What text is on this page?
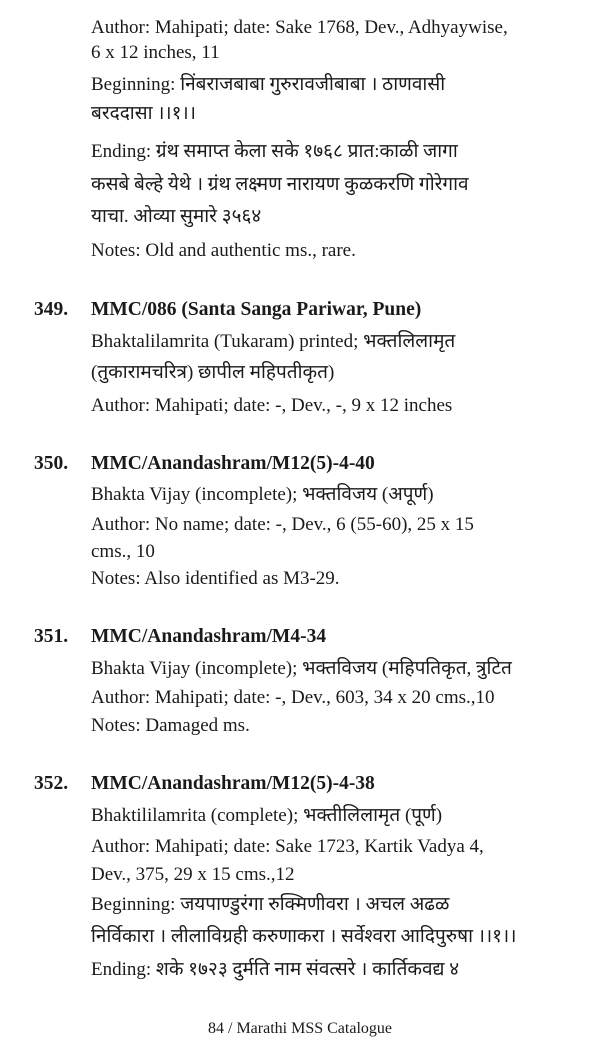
Author: Mahipati; date: Sake 1768, Dev., Adhyaywise,
6 x 12 inches, 11
Beginning: निंबराजबाबा गुरुरावजीबाबा । ठाणवासी
बरददासा ।।१।।
Ending: ग्रंथ समाप्त केला सके १७६८ प्रात:काळी जागा
कसबे बेल्हे येथे । ग्रंथ लक्ष्मण नारायण कुळकरणि गोरेगाव
याचा. ओव्या सुमारे ३५६४
Notes: Old and authentic ms., rare.
349. MMC/086 (Santa Sanga Pariwar, Pune)
Bhaktalilamrita (Tukaram) printed; भक्तलिलामृत
(तुकारामचरित्र) छापील महिपतीकृत)
Author: Mahipati; date: -, Dev., -, 9 x 12 inches
350. MMC/Anandashram/M12(5)-4-40
Bhakta Vijay (incomplete); भक्तविजय (अपूर्ण)
Author: No name; date: -, Dev., 6 (55-60), 25 x 15
cms., 10
Notes: Also identified as M3-29.
351. MMC/Anandashram/M4-34
Bhakta Vijay (incomplete); भक्तविजय (महिपतिकृत, त्रुटित
Author: Mahipati; date: -, Dev., 603, 34 x 20 cms.,10
Notes: Damaged ms.
352. MMC/Anandashram/M12(5)-4-38
Bhaktililamrita (complete); भक्तीलिलामृत (पूर्ण)
Author: Mahipati; date: Sake 1723, Kartik Vadya 4,
Dev., 375, 29 x 15 cms.,12
Beginning: जयपाण्डुरंगा रुक्मिणीवरा । अचल अढळ
निर्विकारा । लीलाविग्रही करुणाकरा । सर्वेश्वरा आदिपुरुषा ।।१।।
Ending: शके १७२३ दुर्मति नाम संवत्सरे । कार्तिकवद्य ४
84 / Marathi MSS Catalogue
